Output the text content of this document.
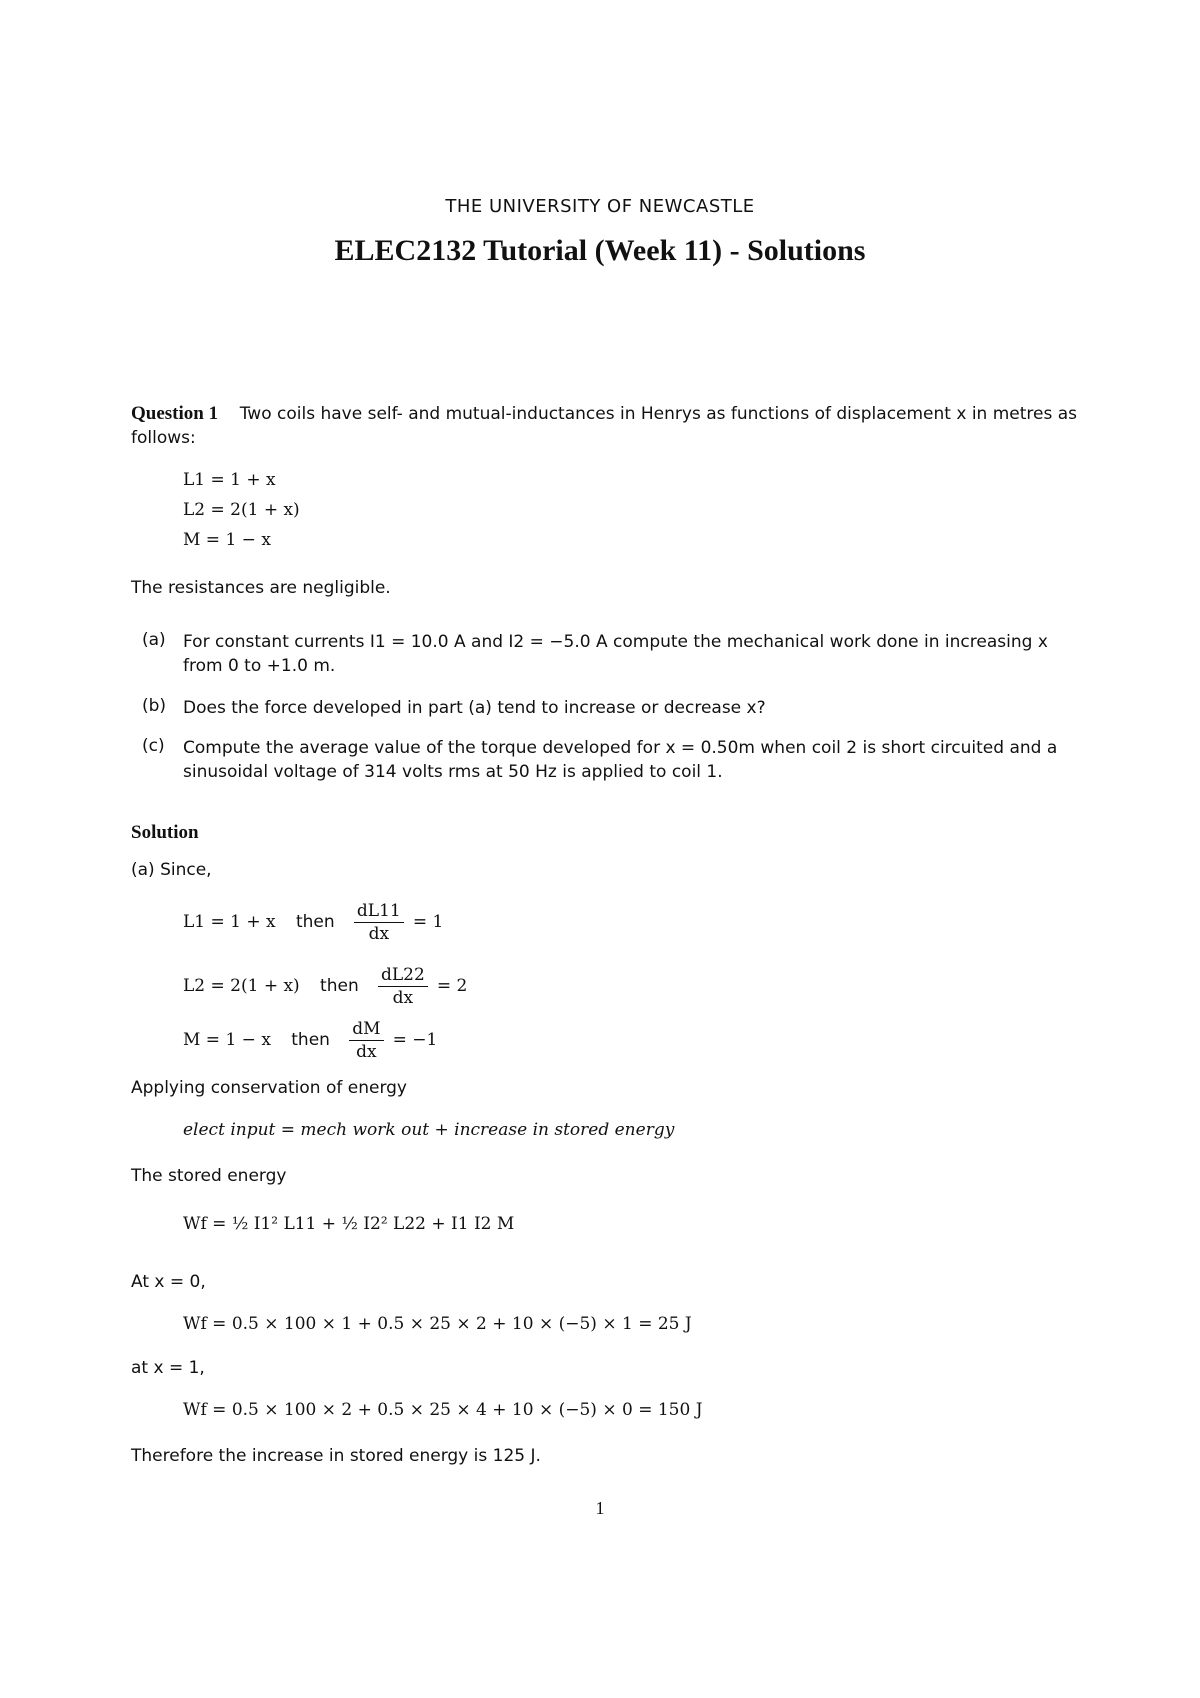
THE UNIVERSITY OF NEWCASTLE
ELEC2132 Tutorial (Week 11) - Solutions
Question 1 Two coils have self- and mutual-inductances in Henrys as functions of displacement x in metres as follows:
L1 = 1 + x
L2 = 2(1 + x)
M = 1 − x
The resistances are negligible.
(a) For constant currents I1 = 10.0 A and I2 = −5.0 A compute the mechanical work done in increasing x from 0 to +1.0 m.
(b) Does the force developed in part (a) tend to increase or decrease x?
(c) Compute the average value of the torque developed for x = 0.50m when coil 2 is short circuited and a sinusoidal voltage of 314 volts rms at 50 Hz is applied to coil 1.
Solution
(a) Since,
L1 = 1 + x then $\frac{dL11}{dx} = 1$
L2 = 2(1 + x) then $\frac{dL22}{dx} = 2$
M = 1 − x then $\frac{dM}{dx} = -1$
Applying conservation of energy
elect input = mech work out + increase in stored energy
The stored energy
Wf = ½ I1² L11 + ½ I2² L22 + I1 I2 M
At x = 0,
Wf = 0.5 × 100 × 1 + 0.5 × 25 × 2 + 10 × (−5) × 1 = 25 J
at x = 1,
Wf = 0.5 × 100 × 2 + 0.5 × 25 × 4 + 10 × (−5) × 0 = 150 J
Therefore the increase in stored energy is 125 J.
1
